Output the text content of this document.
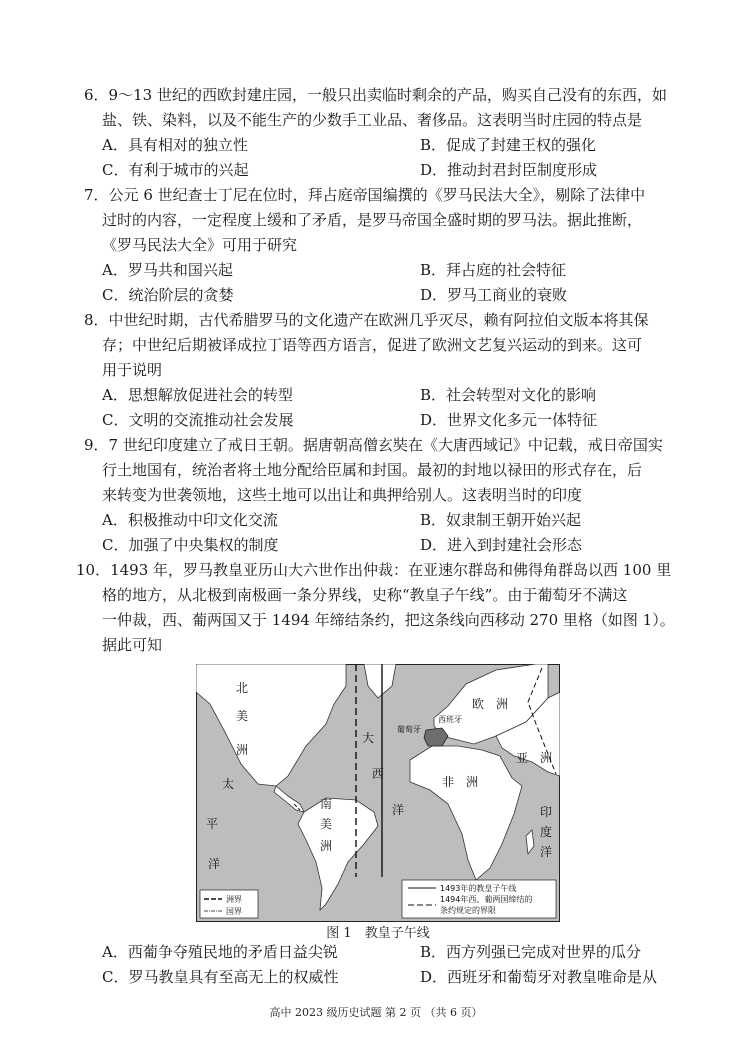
6．9～13 世纪的西欧封建庄园，一般只出卖临时剩余的产品，购买自己没有的东西，如
盐、铁、染料，以及不能生产的少数手工业品、奢侈品。这表明当时庄园的特点是
A．具有相对的独立性	B．促成了封建王权的强化
C．有利于城市的兴起	D．推动封君封臣制度形成
7．公元 6 世纪查士丁尼在位时，拜占庭帝国编撰的《罗马民法大全》，剔除了法律中
过时的内容，一定程度上缓和了矛盾，是罗马帝国全盛时期的罗马法。据此推断，
《罗马民法大全》可用于研究
A．罗马共和国兴起	B．拜占庭的社会特征
C．统治阶层的贪婪	D．罗马工商业的衰败
8．中世纪时期，古代希腊罗马的文化遗产在欧洲几乎灭尽，赖有阿拉伯文版本将其保
存；中世纪后期被译成拉丁语等西方语言，促进了欧洲文艺复兴运动的到来。这可
用于说明
A．思想解放促进社会的转型	B．社会转型对文化的影响
C．文明的交流推动社会发展	D．世界文化多元一体特征
9．7 世纪印度建立了戒日王朝。据唐朝高僧玄奘在《大唐西域记》中记载，戒日帝国实
行土地国有，统治者将土地分配给臣属和封国。最初的封地以禄田的形式存在，后
来转变为世袭领地，这些土地可以出让和典押给别人。这表明当时的印度
A．积极推动中印文化交流	B．奴隶制王朝开始兴起
C．加强了中央集权的制度	D．进入到封建社会形态
10．1493 年，罗马教皇亚历山大六世作出仲裁：在亚速尔群岛和佛得角群岛以西 100 里
格的地方，从北极到南极画一条分界线，史称“教皇子午线”。由于葡萄牙不满这
一仲裁，西、葡两国又于 1494 年缔结条约，把这条线向西移动 270 里格（如图 1）。
据此可知
北
美
洲
太
平
洋
南
美
洲
大
西
洋
欧　洲
亚　洲
非　洲
印
度
洋
葡萄牙
西班牙
洲界
国界
1493年的教皇子午线
1494年西、葡两国缔结的
条约规定的界限
图 1　教皇子午线
A．西葡争夺殖民地的矛盾日益尖锐	B．西方列强已完成对世界的瓜分
C．罗马教皇具有至高无上的权威性	D．西班牙和葡萄牙对教皇唯命是从
高中 2023 级历史试题 第 2 页 （共 6 页）
